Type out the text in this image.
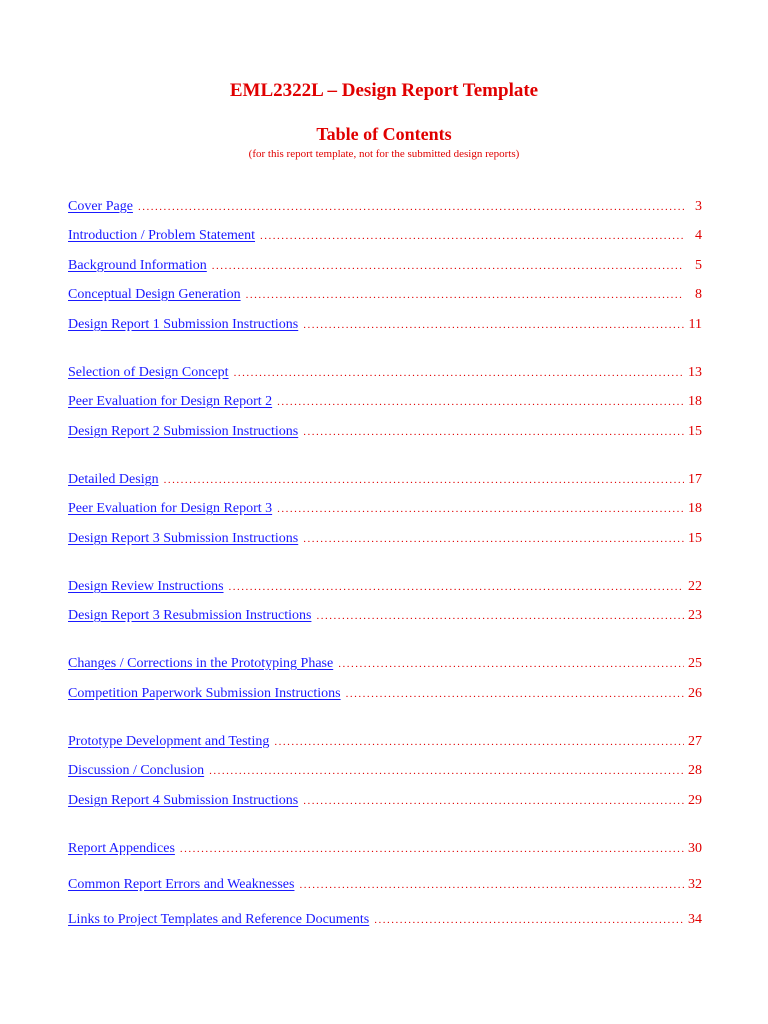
EML2322L – Design Report Template
Table of Contents
(for this report template, not for the submitted design reports)
Cover Page .....	3
Introduction / Problem Statement .....	4
Background Information .....	5
Conceptual Design Generation .....	8
Design Report 1 Submission Instructions .....	11
Selection of Design Concept .....	13
Peer Evaluation for Design Report 2 .....	18
Design Report 2 Submission Instructions .....	15
Detailed Design .....	17
Peer Evaluation for Design Report 3 .....	18
Design Report 3 Submission Instructions .....	15
Design Review Instructions .....	22
Design Report 3 Resubmission Instructions .....	23
Changes / Corrections in the Prototyping Phase .....	25
Competition Paperwork Submission Instructions .....	26
Prototype Development and Testing .....	27
Discussion / Conclusion .....	28
Design Report 4 Submission Instructions .....	29
Report Appendices .....	30
Common Report Errors and Weaknesses .....	32
Links to Project Templates and Reference Documents .....	34
